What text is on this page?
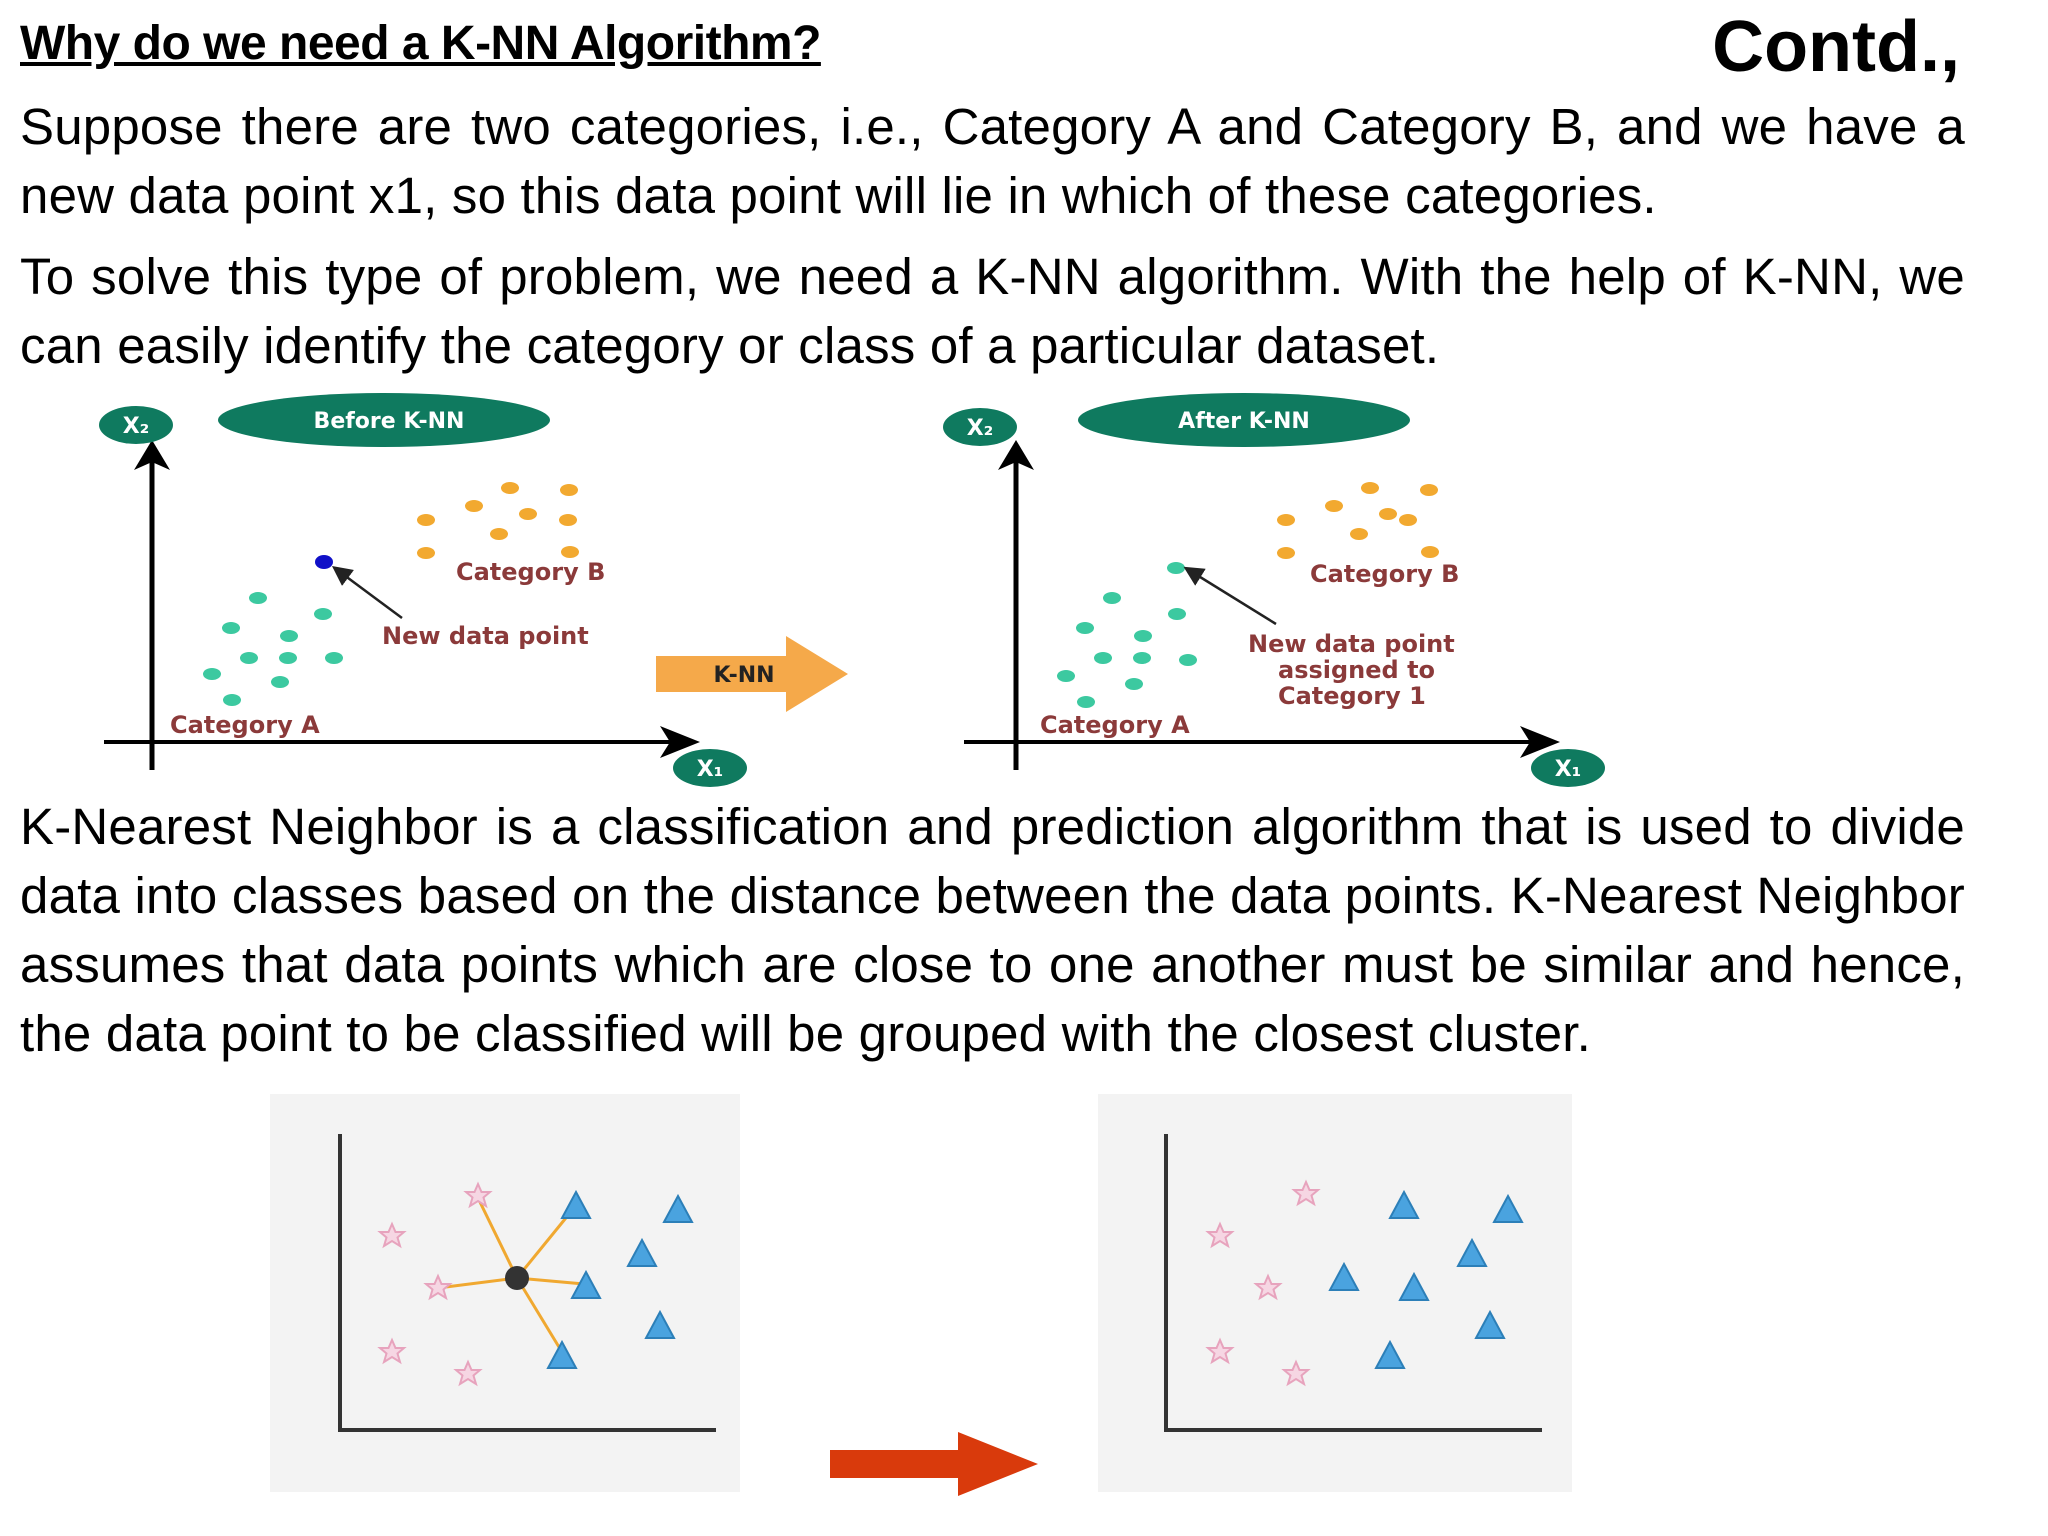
Why do we need a K-NN Algorithm?	Contd.,
Suppose there are two categories, i.e., Category A and Category B, and we have a new data point x1, so this data point will lie in which of these categories.
To solve this type of problem, we need a K-NN algorithm. With the help of K-NN, we can easily identify the category or class of a particular dataset.
K-Nearest Neighbor is a classification and prediction algorithm that is used to divide data into classes based on the distance between the data points. K-Nearest Neighbor assumes that data points which are close to one another must be similar and hence, the data point to be classified will be grouped with the closest cluster.
X₂
X₁
Before K-NN
Category B
Category A
New data point
K-NN
X₂
X₁
After K-NN
Category B
Category A
New data point
assigned to
Category 1
